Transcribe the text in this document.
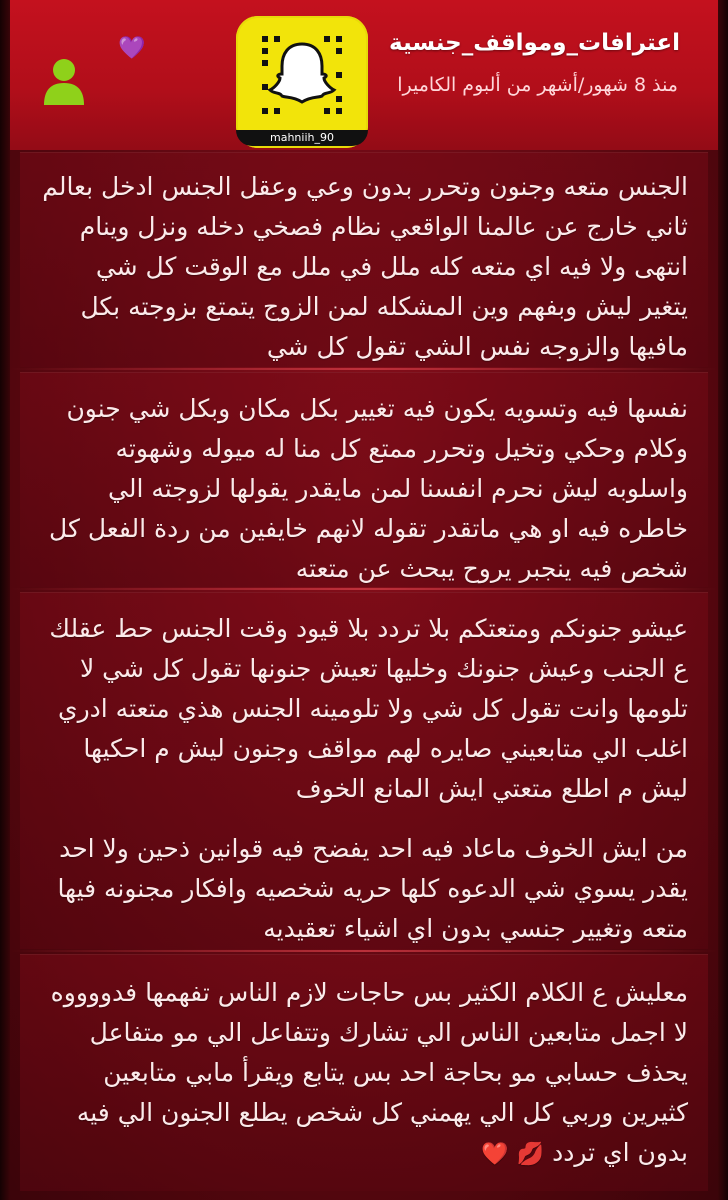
mahniih_90
💜	اعترافات_ومواقف_جنسية
منذ 8 شهور/أشهر من ألبوم الكاميرا

الجنس متعه وجنون وتحرر بدون وعي وعقل الجنس ادخل بعالم ثاني خارج عن عالمنا الواقعي نظام فصخي دخله ونزل وينام انتهى ولا فيه اي متعه كله ملل في ملل مع الوقت كل شي يتغير ليش وبفهم وين المشكله لمن الزوج يتمتع بزوجته بكل مافيها والزوجه نفس الشي تقول كل شي

نفسها فيه وتسويه يكون فيه تغيير بكل مكان وبكل شي جنون وكلام وحكي وتخيل وتحرر ممتع كل منا له ميوله وشهوته واسلوبه ليش نحرم انفسنا لمن مايقدر يقولها لزوجته الي خاطره فيه او هي ماتقدر تقوله لانهم خايفين من ردة الفعل كل شخص فيه ينجبر يروح يبحث عن متعته

عيشو جنونكم ومتعتكم بلا تردد بلا قيود وقت الجنس حط عقلك ع الجنب وعيش جنونك وخليها تعيش جنونها تقول كل شي لا تلومها وانت تقول كل شي ولا تلومينه الجنس هذي متعته ادري اغلب الي متابعيني صايره لهم مواقف وجنون ليش م احكيها ليش م اطلع متعتي ايش المانع الخوف

من ايش الخوف ماعاد فيه احد يفضح فيه قوانين ذحين ولا احد يقدر يسوي شي الدعوه كلها حريه شخصيه وافكار مجنونه فيها متعه وتغيير جنسي بدون اي اشياء تعقيديه

معليش ع الكلام الكثير بس حاجات لازم الناس تفهمها فدووووه لا اجمل متابعين الناس الي تشارك وتتفاعل الي مو متفاعل يحذف حسابي مو بحاجة احد بس يتابع ويقرأ مابي متابعين كثيرين وربي كل الي يهمني كل شخص يطلع الجنون الي فيه بدون اي تردد 💋 ❤️
